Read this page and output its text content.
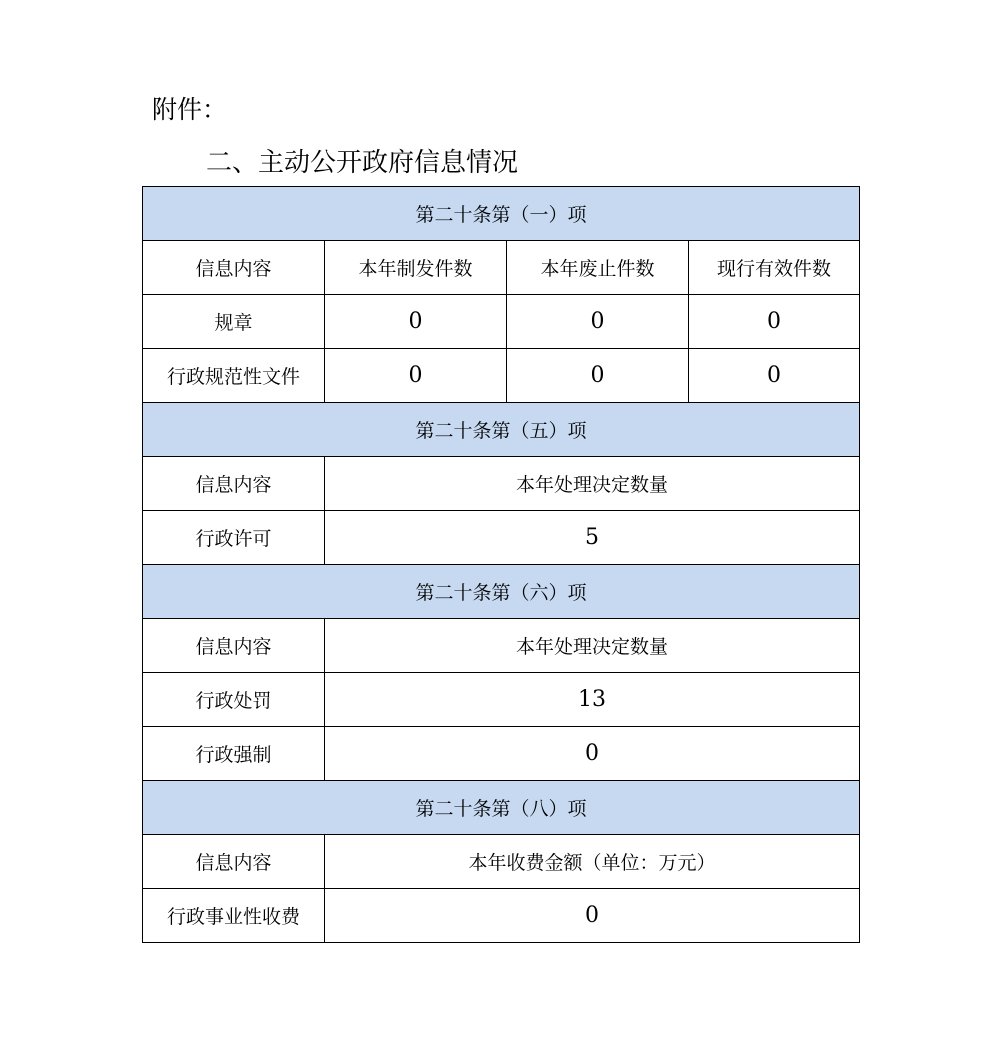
附件：
二、主动公开政府信息情况
第二十条第（一）项			
信息内容	本年制发件数	本年废止件数	现行有效件数
规章	0	0	0
行政规范性文件	0	0	0
第二十条第（五）项			
信息内容	本年处理决定数量		
行政许可	5		
第二十条第（六）项			
信息内容	本年处理决定数量		
行政处罚	13		
行政强制	0		
第二十条第（八）项			
信息内容	本年收费金额（单位：万元）		
行政事业性收费	0		
